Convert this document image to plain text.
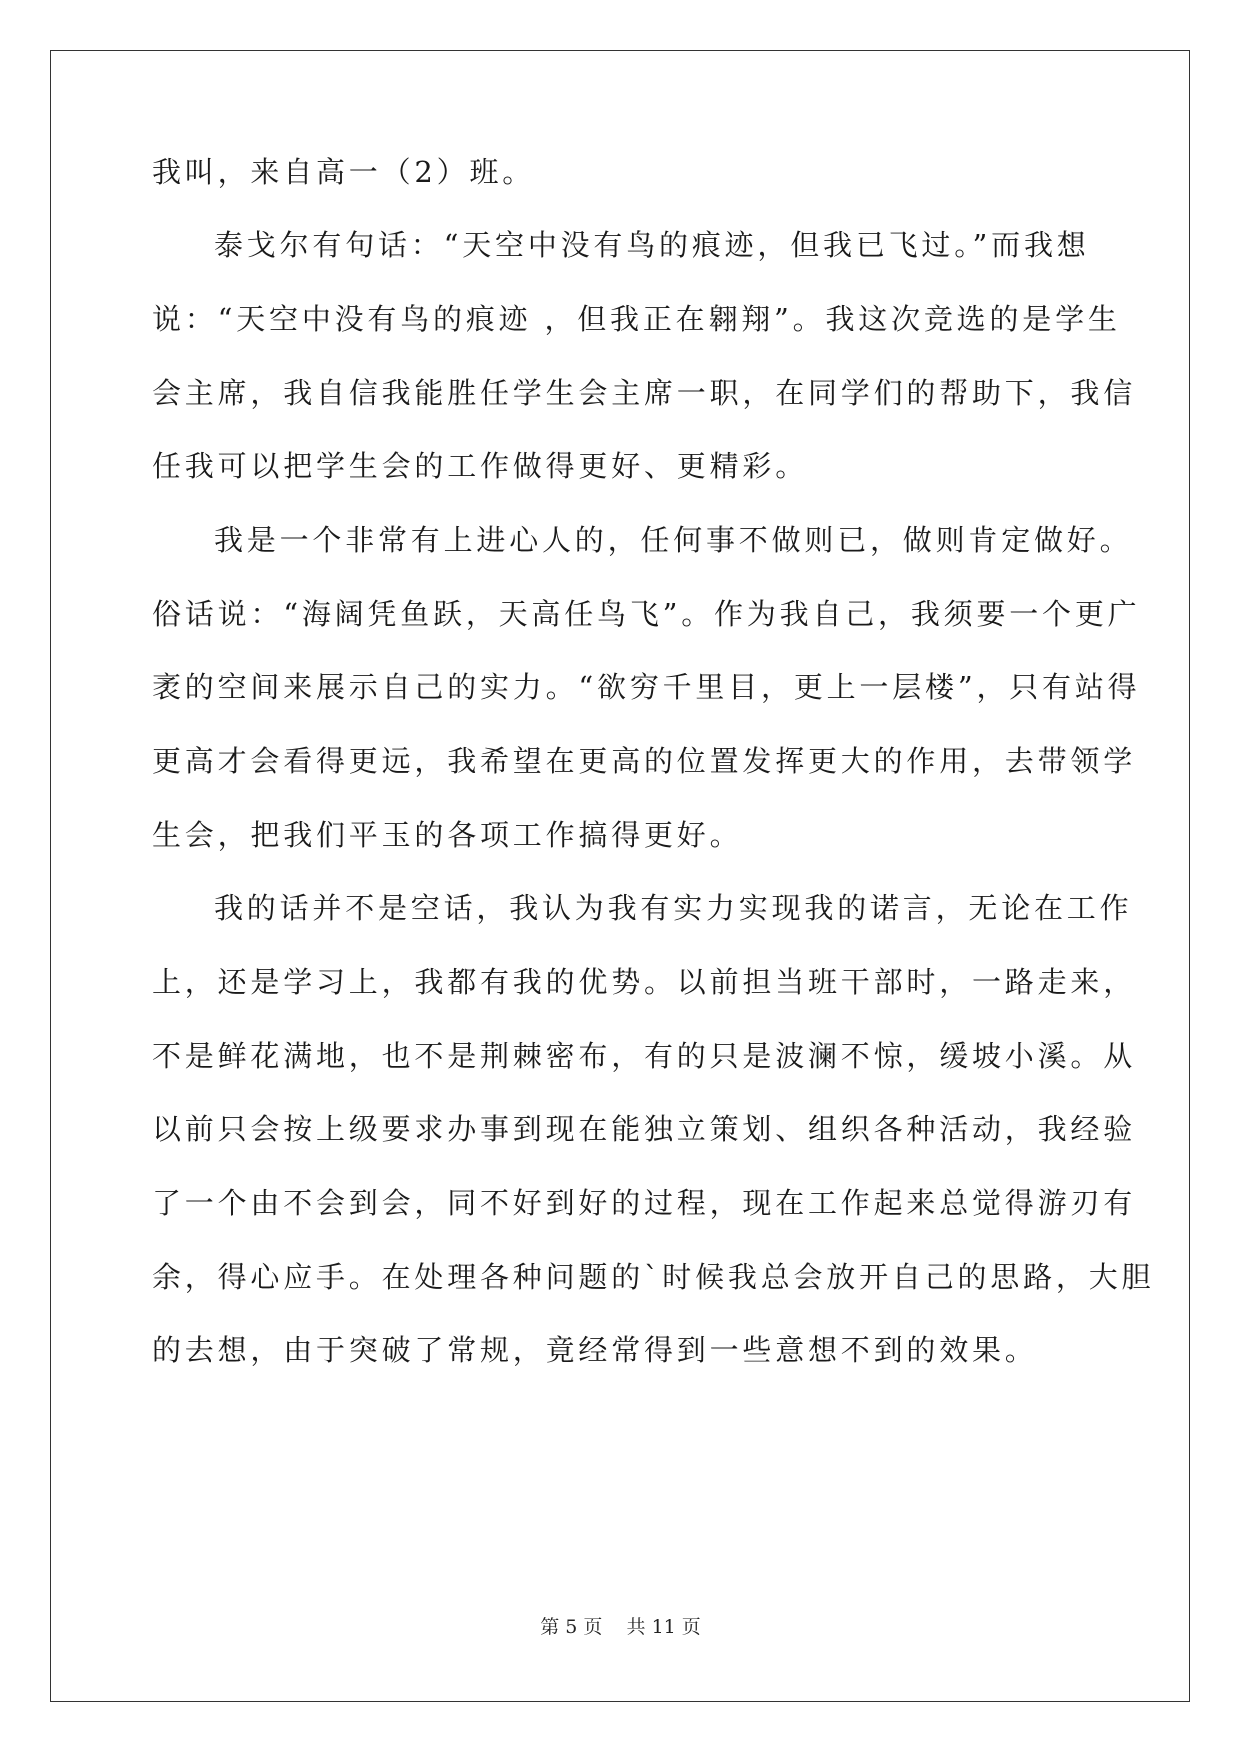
我叫，来自高一（2）班。
泰戈尔有句话：“天空中没有鸟的痕迹，但我已飞过。”而我想
说：“天空中没有鸟的痕迹 ，但我正在翱翔”。我这次竞选的是学生
会主席，我自信我能胜任学生会主席一职，在同学们的帮助下，我信
任我可以把学生会的工作做得更好、更精彩。
我是一个非常有上进心人的，任何事不做则已，做则肯定做好。
俗话说：“海阔凭鱼跃，天高任鸟飞”。作为我自己，我须要一个更广
袤的空间来展示自己的实力。“欲穷千里目，更上一层楼”，只有站得
更高才会看得更远，我希望在更高的位置发挥更大的作用，去带领学
生会，把我们平玉的各项工作搞得更好。
我的话并不是空话，我认为我有实力实现我的诺言，无论在工作
上，还是学习上，我都有我的优势。以前担当班干部时，一路走来，
不是鲜花满地，也不是荆棘密布，有的只是波澜不惊，缓坡小溪。从
以前只会按上级要求办事到现在能独立策划、组织各种活动，我经验
了一个由不会到会，同不好到好的过程，现在工作起来总觉得游刃有
余，得心应手。在处理各种问题的`时候我总会放开自己的思路，大胆
的去想，由于突破了常规，竟经常得到一些意想不到的效果。
第 5 页    共 11 页
